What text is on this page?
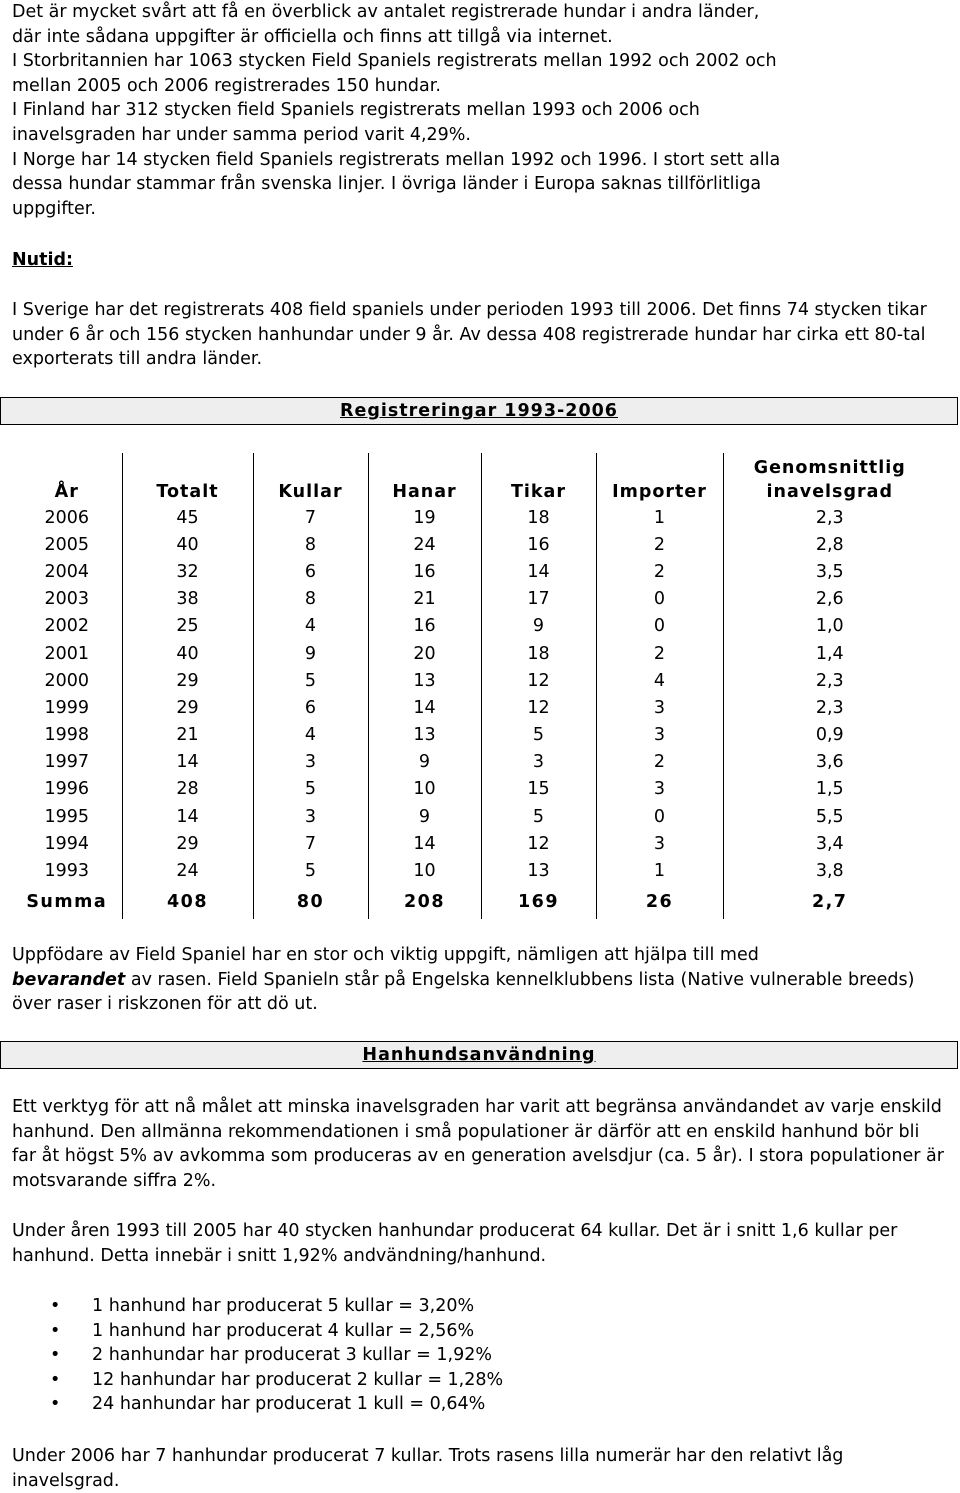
Det är mycket svårt att få en överblick av antalet registrerade hundar i andra länder,

där inte sådana uppgifter är officiella och finns att tillgå via internet.

I Storbritannien har 1063 stycken Field Spaniels registrerats mellan 1992 och 2002 och

mellan 2005 och 2006 registrerades 150 hundar.

I Finland har 312 stycken field Spaniels registrerats mellan 1993 och 2006 och

inavelsgraden har under samma period varit 4,29%.

I Norge har 14 stycken field Spaniels registrerats mellan 1992 och 1996. I stort sett alla

dessa hundar stammar från svenska linjer. I övriga länder i Europa saknas tillförlitliga

uppgifter.

Nutid:

I Sverige har det registrerats 408 field spaniels under perioden 1993 till 2006. Det finns 74 stycken tikar under 6 år och 156 stycken hanhundar under 9 år. Av dessa 408 registrerade hundar har cirka ett 80-tal exporterats till andra länder.

Registreringar 1993-2006
År	Totalt	Kullar	Hanar	Tikar	Importer	Genomsnittlig inavelsgrad
2006	45	7	19	18	1	2,3
2005	40	8	24	16	2	2,8
2004	32	6	16	14	2	3,5
2003	38	8	21	17	0	2,6
2002	25	4	16	9	0	1,0
2001	40	9	20	18	2	1,4
2000	29	5	13	12	4	2,3
1999	29	6	14	12	3	2,3
1998	21	4	13	5	3	0,9
1997	14	3	9	3	2	3,6
1996	28	5	10	15	3	1,5
1995	14	3	9	5	0	5,5
1994	29	7	14	12	3	3,4
1993	24	5	10	13	1	3,8
Summa	408	80	208	169	26	2,7

Uppfödare av Field Spaniel har en stor och viktig uppgift, nämligen att hjälpa till med
bevarandet av rasen. Field Spanieln står på Engelska kennelklubbens lista (Native vulnerable breeds) över raser i riskzonen för att dö ut.

Hanhundsanvändning

Ett verktyg för att nå målet att minska inavelsgraden har varit att begränsa användandet av varje enskild hanhund. Den allmänna rekommendationen i små populationer är därför att en enskild hanhund bör bli far åt högst 5% av avkomma som produceras av en generation avelsdjur (ca. 5 år). I stora populationer är motsvarande siffra 2%.

Under åren 1993 till 2005 har 40 stycken hanhundar producerat 64 kullar. Det är i snitt 1,6 kullar per hanhund. Detta innebär i snitt 1,92% andvändning/hanhund.

• 1 hanhund har producerat 5 kullar = 3,20%
• 1 hanhund har producerat 4 kullar = 2,56%
• 2 hanhundar har producerat 3 kullar = 1,92%
• 12 hanhundar har producerat 2 kullar = 1,28%
• 24 hanhundar har producerat 1 kull = 0,64%

Under 2006 har 7 hanhundar producerat 7 kullar. Trots rasens lilla numerär har den relativt låg inavelsgrad.
